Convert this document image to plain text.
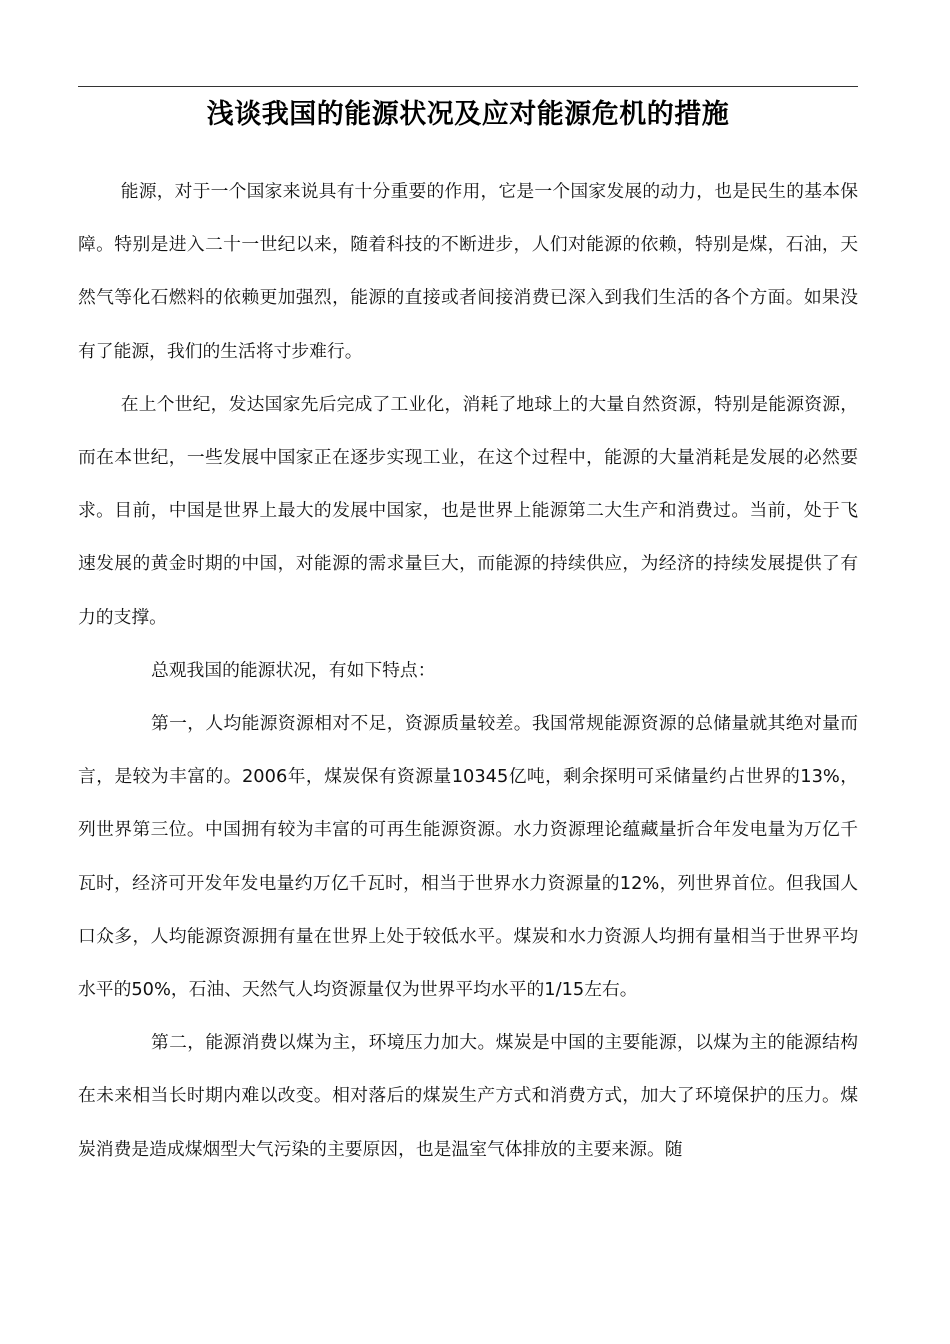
浅谈我国的能源状况及应对能源危机的措施

能源，对于一个国家来说具有十分重要的作用，它是一个国家发展的动力，也是民生的基本保障。特别是进入二十一世纪以来，随着科技的不断进步，人们对能源的依赖，特别是煤，石油，天然气等化石燃料的依赖更加强烈，能源的直接或者间接消费已深入到我们生活的各个方面。如果没有了能源，我们的生活将寸步难行。

在上个世纪，发达国家先后完成了工业化，消耗了地球上的大量自然资源，特别是能源资源，而在本世纪，一些发展中国家正在逐步实现工业，在这个过程中，能源的大量消耗是发展的必然要求。目前，中国是世界上最大的发展中国家，也是世界上能源第二大生产和消费过。当前，处于飞速发展的黄金时期的中国，对能源的需求量巨大，而能源的持续供应，为经济的持续发展提供了有力的支撑。

总观我国的能源状况，有如下特点：

第一，人均能源资源相对不足，资源质量较差。我国常规能源资源的总储量就其绝对量而言，是较为丰富的。2006年，煤炭保有资源量10345亿吨，剩余探明可采储量约占世界的13%，列世界第三位。中国拥有较为丰富的可再生能源资源。水力资源理论蕴藏量折合年发电量为万亿千瓦时，经济可开发年发电量约万亿千瓦时，相当于世界水力资源量的12%，列世界首位。但我国人口众多，人均能源资源拥有量在世界上处于较低水平。煤炭和水力资源人均拥有量相当于世界平均水平的50%，石油、天然气人均资源量仅为世界平均水平的1/15左右。

第二，能源消费以煤为主，环境压力加大。煤炭是中国的主要能源，以煤为主的能源结构在未来相当长时期内难以改变。相对落后的煤炭生产方式和消费方式，加大了环境保护的压力。煤炭消费是造成煤烟型大气污染的主要原因，也是温室气体排放的主要来源。随
